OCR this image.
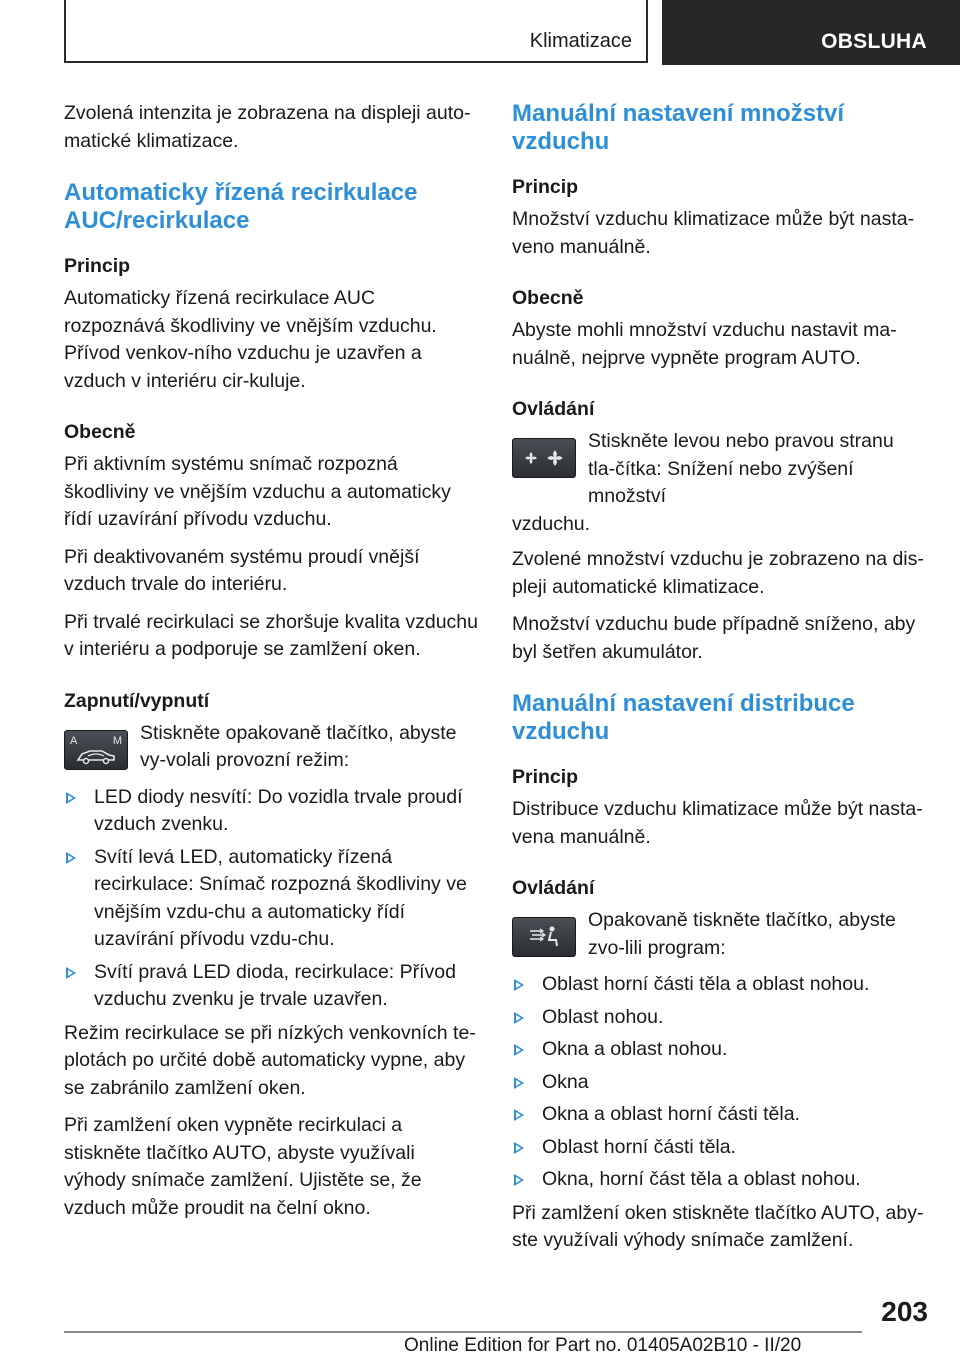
Klimatizace	OBSLUHA

Zvolená intenzita je zobrazena na displeji auto-
matické klimatizace.

Automaticky řízená recirkulace AUC/recirkulace
Princip

Automaticky řízená recirkulace AUC rozpoznává škodliviny ve vnějším vzduchu. Přívod venkov-ního vzduchu je uzavřen a vzduch v interiéru cir-kuluje.

Obecně

Při aktivním systému snímač rozpozná škodliviny ve vnějším vzduchu a automaticky řídí uzavírání přívodu vzduchu.

Při deaktivovaném systému proudí vnější vzduch trvale do interiéru.

Při trvalé recirkulaci se zhoršuje kvalita vzduchu v interiéru a podporuje se zamlžení oken.

Zapnutí/vypnutí
A	M Stiskněte opakovaně tlačítko, abyste vy-volali provozní režim:
LED diody nesvítí: Do vozidla trvale proudí vzduch zvenku.
Svítí levá LED, automaticky řízená recirkulace: Snímač rozpozná škodliviny ve vnějším vzdu-chu a automaticky řídí uzavírání přívodu vzdu-chu.
Svítí pravá LED dioda, recirkulace: Přívod vzduchu zvenku je trvale uzavřen.

Režim recirkulace se při nízkých venkovních te-plotách po určité době automaticky vypne, aby se zabránilo zamlžení oken.

Při zamlžení oken vypněte recirkulaci a stiskněte tlačítko AUTO, abyste využívali výhody snímače zamlžení. Ujistěte se, že vzduch může proudit na čelní okno.

Manuální nastavení množství vzduchu
Princip

Množství vzduchu klimatizace může být nasta-veno manuálně.

Obecně

Abyste mohli množství vzduchu nastavit ma-nuálně, nejprve vypněte program AUTO.

Ovládání
Stiskněte levou nebo pravou stranu tla-čítka: Snížení nebo zvýšení množství
vzduchu.

Zvolené množství vzduchu je zobrazeno na dis-pleji automatické klimatizace.

Množství vzduchu bude případně sníženo, aby byl šetřen akumulátor.

Manuální nastavení distribuce vzduchu
Princip

Distribuce vzduchu klimatizace může být nasta-vena manuálně.

Ovládání
Opakovaně tiskněte tlačítko, abyste zvo-lili program:
Oblast horní části těla a oblast nohou.
Oblast nohou.
Okna a oblast nohou.
Okna
Okna a oblast horní části těla.
Oblast horní části těla.
Okna, horní část těla a oblast nohou.

Při zamlžení oken stiskněte tlačítko AUTO, aby-ste využívali výhody snímače zamlžení.

203
Online Edition for Part no. 01405A02B10 - II/20
